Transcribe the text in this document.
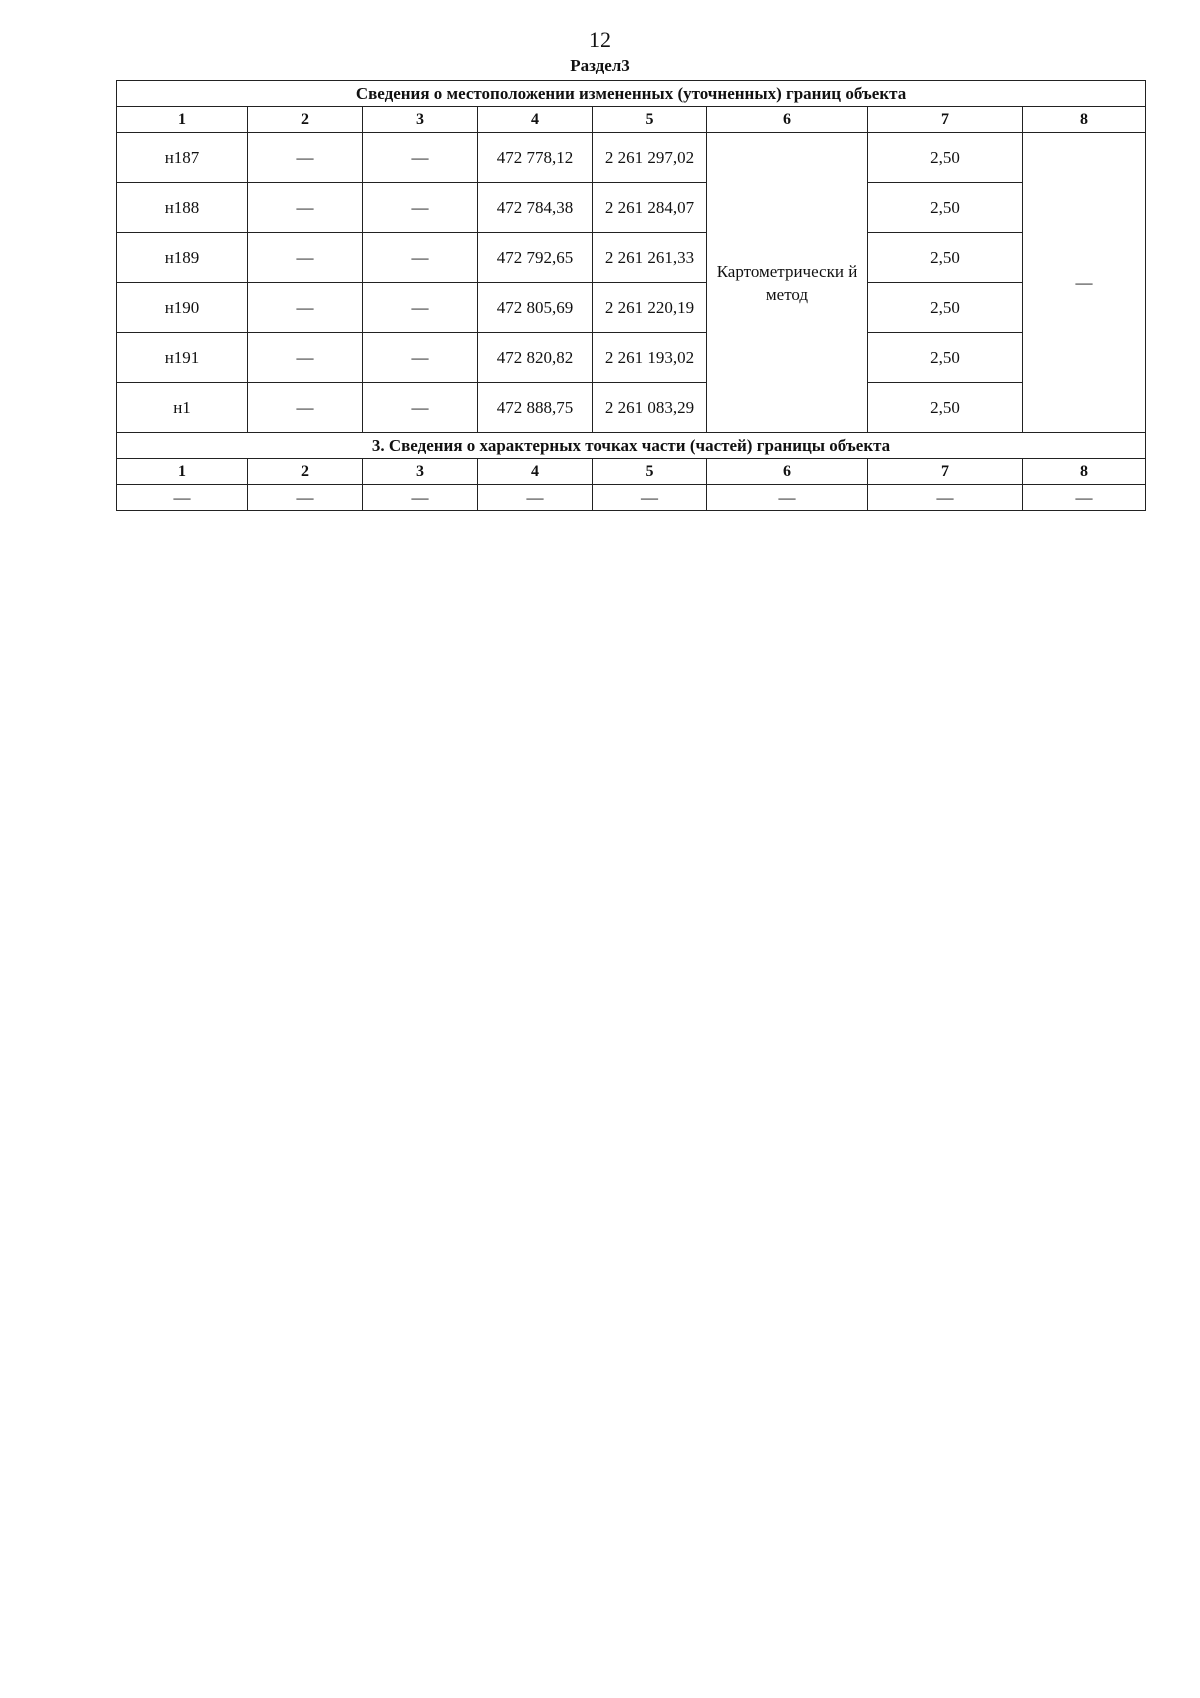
12
Раздел3
Сведения о местоположении измененных (уточненных) границ объекта							
1	2	3	4	5	6	7	8
н187	—	—	472 778,12	2 261 297,02	Картометрически й метод	2,50	—
н188	—	—	472 784,38	2 261 284,07		2,50	
н189	—	—	472 792,65	2 261 261,33		2,50	
н190	—	—	472 805,69	2 261 220,19		2,50	
н191	—	—	472 820,82	2 261 193,02		2,50	
н1	—	—	472 888,75	2 261 083,29		2,50	
3. Сведения о характерных точках части (частей) границы объекта							
1	2	3	4	5	6	7	8
—	—	—	—	—	—	—	—
